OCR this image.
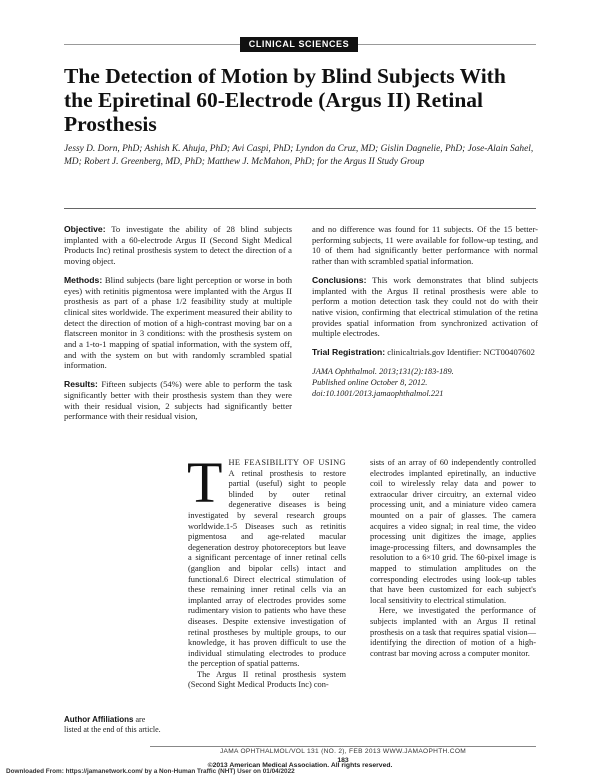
CLINICAL SCIENCES
The Detection of Motion by Blind Subjects With the Epiretinal 60-Electrode (Argus II) Retinal Prosthesis
Jessy D. Dorn, PhD; Ashish K. Ahuja, PhD; Avi Caspi, PhD; Lyndon da Cruz, MD; Gislin Dagnelie, PhD; Jose-Alain Sahel, MD; Robert J. Greenberg, MD, PhD; Matthew J. McMahon, PhD; for the Argus II Study Group

Objective: To investigate the ability of 28 blind subjects implanted with a 60-electrode Argus II (Second Sight Medical Products Inc) retinal prosthesis system to detect the direction of a moving object.

Methods: Blind subjects (bare light perception or worse in both eyes) with retinitis pigmentosa were implanted with the Argus II prosthesis as part of a phase 1/2 feasibility study at multiple clinical sites worldwide. The experiment measured their ability to detect the direction of motion of a high-contrast moving bar on a flatscreen monitor in 3 conditions: with the prosthesis system on and a 1-to-1 mapping of spatial information, with the system off, and with the system on but with randomly scrambled spatial information.

Results: Fifteen subjects (54%) were able to perform the task significantly better with their prosthesis system than they were with their residual vision, 2 subjects had significantly better performance with their residual vision,

and no difference was found for 11 subjects. Of the 15 better-performing subjects, 11 were available for follow-up testing, and 10 of them had significantly better performance with normal rather than with scrambled spatial information.

Conclusions: This work demonstrates that blind subjects implanted with the Argus II retinal prosthesis were able to perform a motion detection task they could not do with their native vision, confirming that electrical stimulation of the retina provides spatial information from synchronized activation of multiple electrodes.

Trial Registration: clinicaltrials.gov Identifier: NCT00407602

JAMA Ophthalmol. 2013;131(2):183-189.
Published online October 8, 2012.
doi:10.1001/2013.jamaophthalmol.221

THE FEASIBILITY OF USING A retinal prosthesis to restore partial (useful) sight to people blinded by outer retinal degenerative diseases is being investigated by several research groups worldwide.1-5 Diseases such as retinitis pigmentosa and age-related macular degeneration destroy photoreceptors but leave a significant percentage of inner retinal cells (ganglion and bipolar cells) intact and functional.6 Direct electrical stimulation of these remaining inner retinal cells via an implanted array of electrodes provides some rudimentary vision to patients who have these diseases. Despite extensive investigation of retinal prostheses by multiple groups, to our knowledge, it has proven difficult to use the individual stimulating electrodes to produce the perception of spatial patterns.

The Argus II retinal prosthesis system (Second Sight Medical Products Inc) con-

sists of an array of 60 independently controlled electrodes implanted epiretinally, an inductive coil to wirelessly relay data and power to extraocular driver circuitry, an external video processing unit, and a miniature video camera mounted on a pair of glasses. The camera acquires a video signal; in real time, the video processing unit digitizes the image, applies image-processing filters, and downsamples the resolution to a 6×10 grid. The 60-pixel image is mapped to stimulation amplitudes on the corresponding electrodes using look-up tables that have been customized for each subject's local sensitivity to electrical stimulation.

Here, we investigated the performance of subjects implanted with an Argus II retinal prosthesis on a task that requires spatial vision—identifying the direction of motion of a high-contrast bar moving across a computer monitor.

Author Affiliations are listed at the end of this article.
JAMA OPHTHALMOL/VOL 131 (NO. 2), FEB 2013 WWW.JAMAOPHTH.COM
183
©2013 American Medical Association. All rights reserved.
Downloaded From: https://jamanetwork.com/ by a Non-Human Traffic (NHT) User on 01/04/2022
